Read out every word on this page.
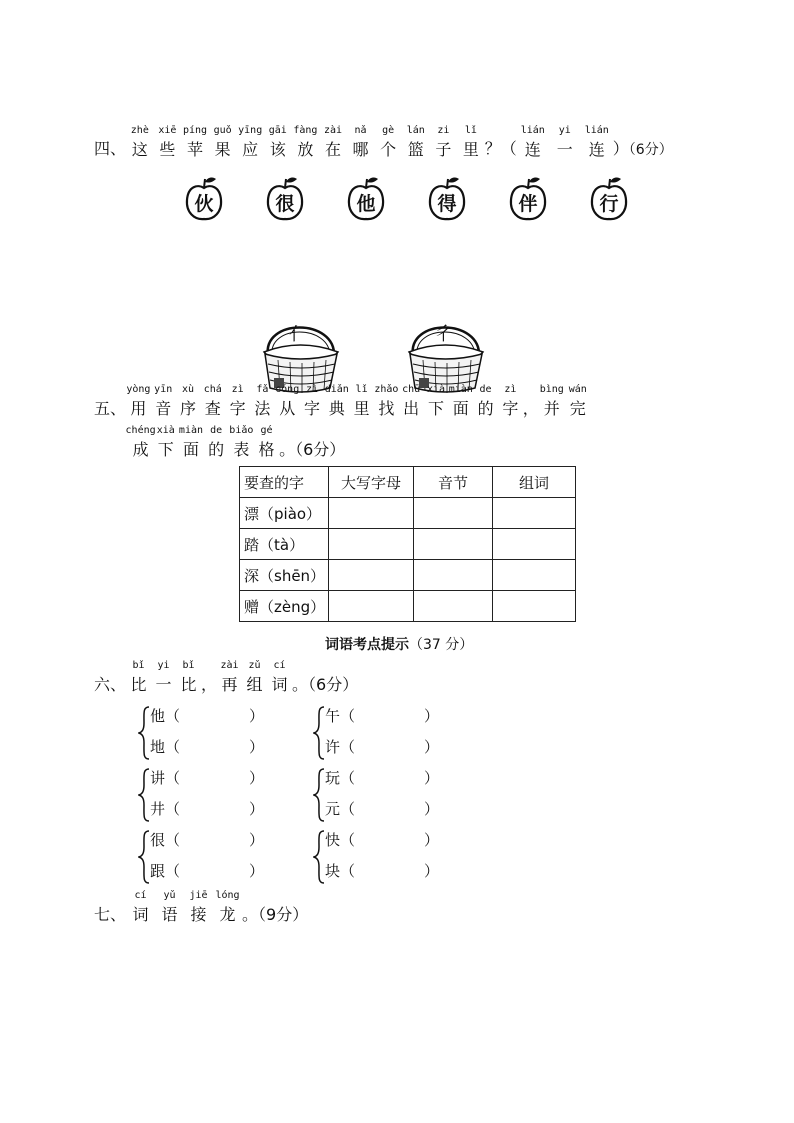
四、
zhè
这
xiē
些
píng
苹
guǒ
果
yīng
应
gāi
该
fàng
放
zài
在
nǎ
哪
gè
个
lán
篮
zi
子
lǐ
里 ？（
lián
连
yi
一
lián
连 ）（6分）
伙	很	他	得	伴	行
亻	彳
五、
yòng
用
yīn
音
xù
序
chá
查
zì
字
fǎ
法
cóng
从
zì
字
diǎn
典
lǐ
里
zhǎo
找
chū
出
xià
下
miàn
面
de
的
zì
字 ，
bìng
并
wán
完
chéng
成
xià
下
miàn
面
de
的
biǎo
表
gé
格 。（6分）
要查的字	大写字母	音节	组词
漂（piào）			
踏（tà）			
深（shēn）			
赠（zèng）			
词语考点提示（37 分）
六、
bǐ
比
yi
一
bǐ
比 ，
zài
再
zǔ
组
cí
词 。（6分）
他（	）
地（	）
午（	）
许（	）
讲（	）
井（	）
玩（	）
元（	）
很（	）
跟（	）
快（	）
块（	）
七、
cí
词
yǔ
语
jiē
接
lóng
龙 。（9分）
